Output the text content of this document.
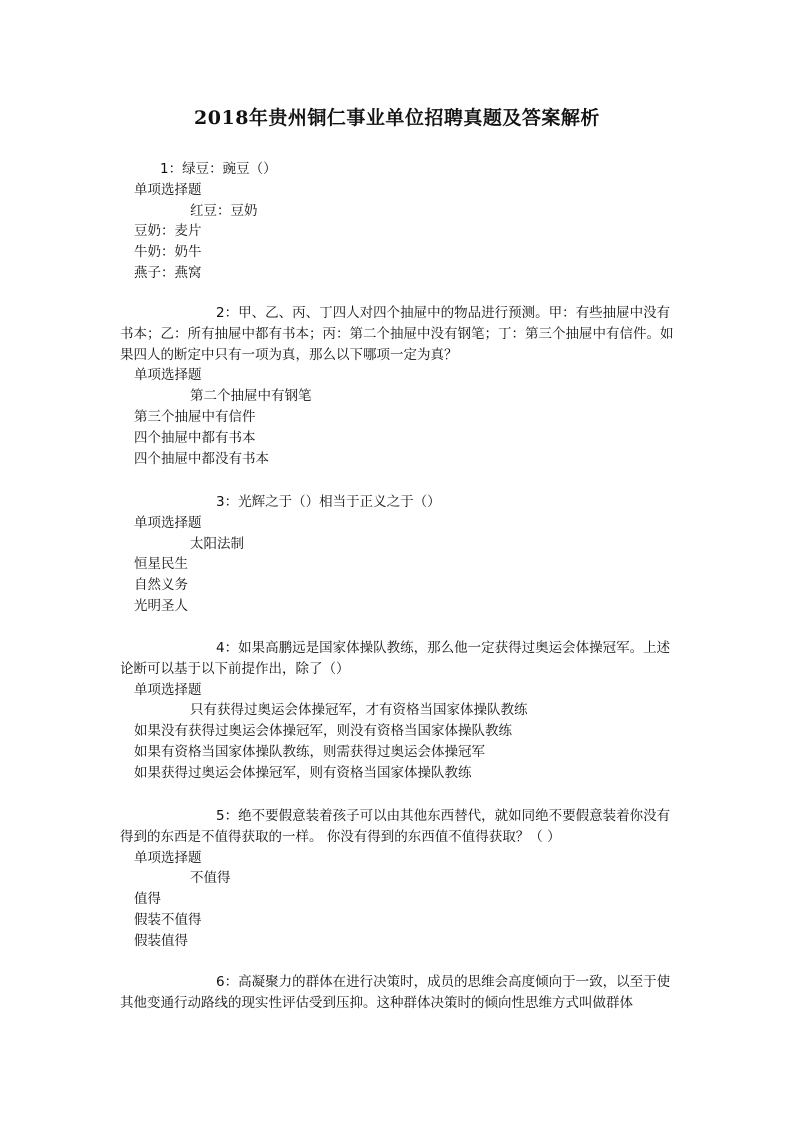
2018年贵州铜仁事业单位招聘真题及答案解析

1：绿豆：豌豆（）

单项选择题

红豆：豆奶

豆奶：麦片

牛奶：奶牛

燕子：燕窝

2：甲、乙、丙、丁四人对四个抽屉中的物品进行预测。甲：有些抽屉中没有书本；乙：所有抽屉中都有书本；丙：第二个抽屉中没有钢笔；丁：第三个抽屉中有信件。如果四人的断定中只有一项为真，那么以下哪项一定为真？

单项选择题

第二个抽屉中有钢笔

第三个抽屉中有信件

四个抽屉中都有书本

四个抽屉中都没有书本

3：光辉之于（）相当于正义之于（）

单项选择题

太阳法制

恒星民生

自然义务

光明圣人

4：如果高鹏远是国家体操队教练，那么他一定获得过奥运会体操冠军。上述论断可以基于以下前提作出，除了（）

单项选择题

只有获得过奥运会体操冠军，才有资格当国家体操队教练

如果没有获得过奥运会体操冠军，则没有资格当国家体操队教练

如果有资格当国家体操队教练，则需获得过奥运会体操冠军

如果获得过奥运会体操冠军，则有资格当国家体操队教练

5：绝不要假意装着孩子可以由其他东西替代，就如同绝不要假意装着你没有得到的东西是不值得获取的一样。 你没有得到的东西值不值得获取？（ ）

单项选择题

不值得

值得

假装不值得

假装值得

6：高凝聚力的群体在进行决策时，成员的思维会高度倾向于一致，以至于使其他变通行动路线的现实性评估受到压抑。这种群体决策时的倾向性思维方式叫做群体
